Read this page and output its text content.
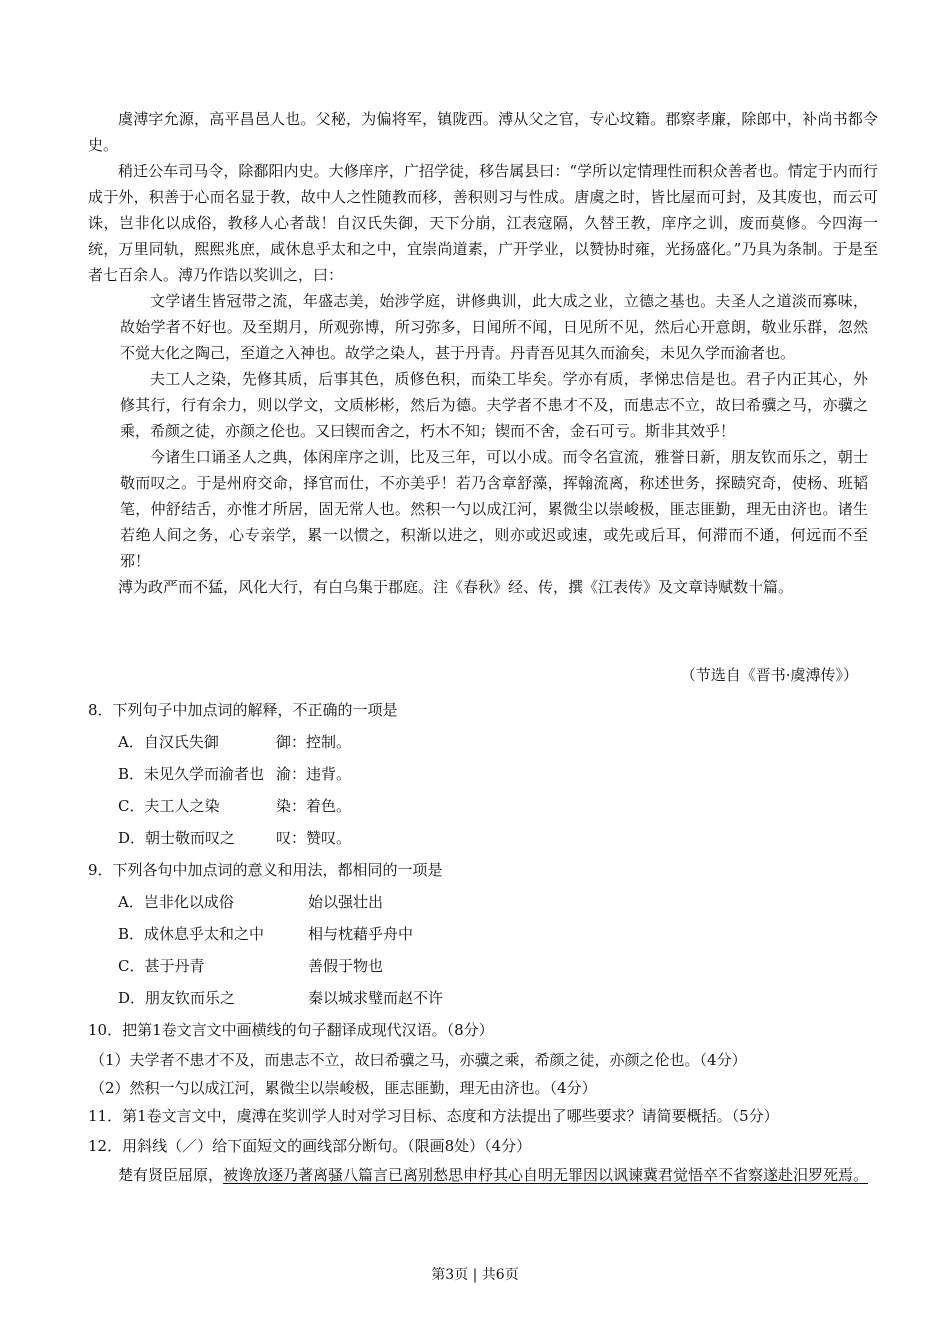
虞溥字允源，高平昌邑人也。父秘，为偏将军，镇陇西。溥从父之官，专心坟籍。郡察孝廉，除郎中，补尚书都令史。

稍迁公车司马令，除鄱阳内史。大修庠序，广招学徒，移告属县曰：“学所以定情理性而积众善者也。情定于内而行成于外，积善于心而名显于教，故中人之性随教而移，善积则习与性成。唐虞之时，皆比屋而可封，及其废也，而云可诛，岂非化以成俗，教移人心者哉！自汉氏失御，天下分崩，江表寇隔，久替王教，庠序之训，废而莫修。今四海一统，万里同轨，熙熙兆庶，咸休息乎太和之中，宜崇尚道素，广开学业，以赞协时雍，光扬盛化。”乃具为条制。于是至者七百余人。溥乃作诰以奖训之，曰：

文学诸生皆冠带之流，年盛志美，始涉学庭，讲修典训，此大成之业，立德之基也。夫圣人之道淡而寡味，故始学者不好也。及至期月，所观弥博，所习弥多，日闻所不闻，日见所不见，然后心开意朗，敬业乐群，忽然不觉大化之陶己，至道之入神也。故学之染人，甚于丹青。丹青吾见其久而渝矣，未见久学而渝者也。

夫工人之染，先修其质，后事其色，质修色积，而染工毕矣。学亦有质，孝悌忠信是也。君子内正其心，外修其行，行有余力，则以学文，文质彬彬，然后为德。夫学者不患才不及，而患志不立，故曰希骥之马，亦骥之乘，希颜之徒，亦颜之伦也。又曰锲而舍之，朽木不知；锲而不舍，金石可亏。斯非其效乎！

今诸生口诵圣人之典，体闲庠序之训，比及三年，可以小成。而令名宣流，雅誉日新，朋友钦而乐之，朝士敬而叹之。于是州府交命，择官而仕，不亦美乎！若乃含章舒藻，挥翰流离，称述世务，探赜究奇，使杨、班韬笔，仲舒结舌，亦惟才所居，固无常人也。然积一勺以成江河，累微尘以崇峻极，匪志匪勤，理无由济也。诸生若绝人间之务，心专亲学，累一以惯之，积渐以进之，则亦或迟或速，或先或后耳，何滞而不通，何远而不至邪！

溥为政严而不猛，风化大行，有白乌集于郡庭。注《春秋》经、传，撰《江表传》及文章诗赋数十篇。

（节选自《晋书·虞溥传》）

8．下列句子中加点词的解释，不正确的一项是

A．自汉氏失御	御：控制。

B．未见久学而渝者也 渝：违背。

C．夫工人之染	染：着色。

D．朝士敬而叹之	叹：赞叹。

9．下列各句中加点词的意义和用法，都相同的一项是

A．岂非化以成俗	始以强壮出

B．成休息乎太和之中	相与枕藉乎舟中

C．甚于丹青	善假于物也

D．朋友钦而乐之	秦以城求璧而赵不许

10．把第1卷文言文中画横线的句子翻译成现代汉语。（8分）

（1）夫学者不患才不及，而患志不立，故曰希骥之马，亦骥之乘，希颜之徒，亦颜之伦也。（4分）

（2）然积一勺以成江河，累微尘以崇峻极，匪志匪勤，理无由济也。（4分）

11．第1卷文言文中，虞溥在奖训学人时对学习目标、态度和方法提出了哪些要求？请简要概括。（5分）

12．用斜线（／）给下面短文的画线部分断句。（限画8处）（4分）

楚有贤臣屈原，被谗放逐乃著离骚八篇言已离别愁思申杼其心自明无罪因以讽谏冀君觉悟卒不省察遂赴汨罗死焉。

第3页 | 共6页
